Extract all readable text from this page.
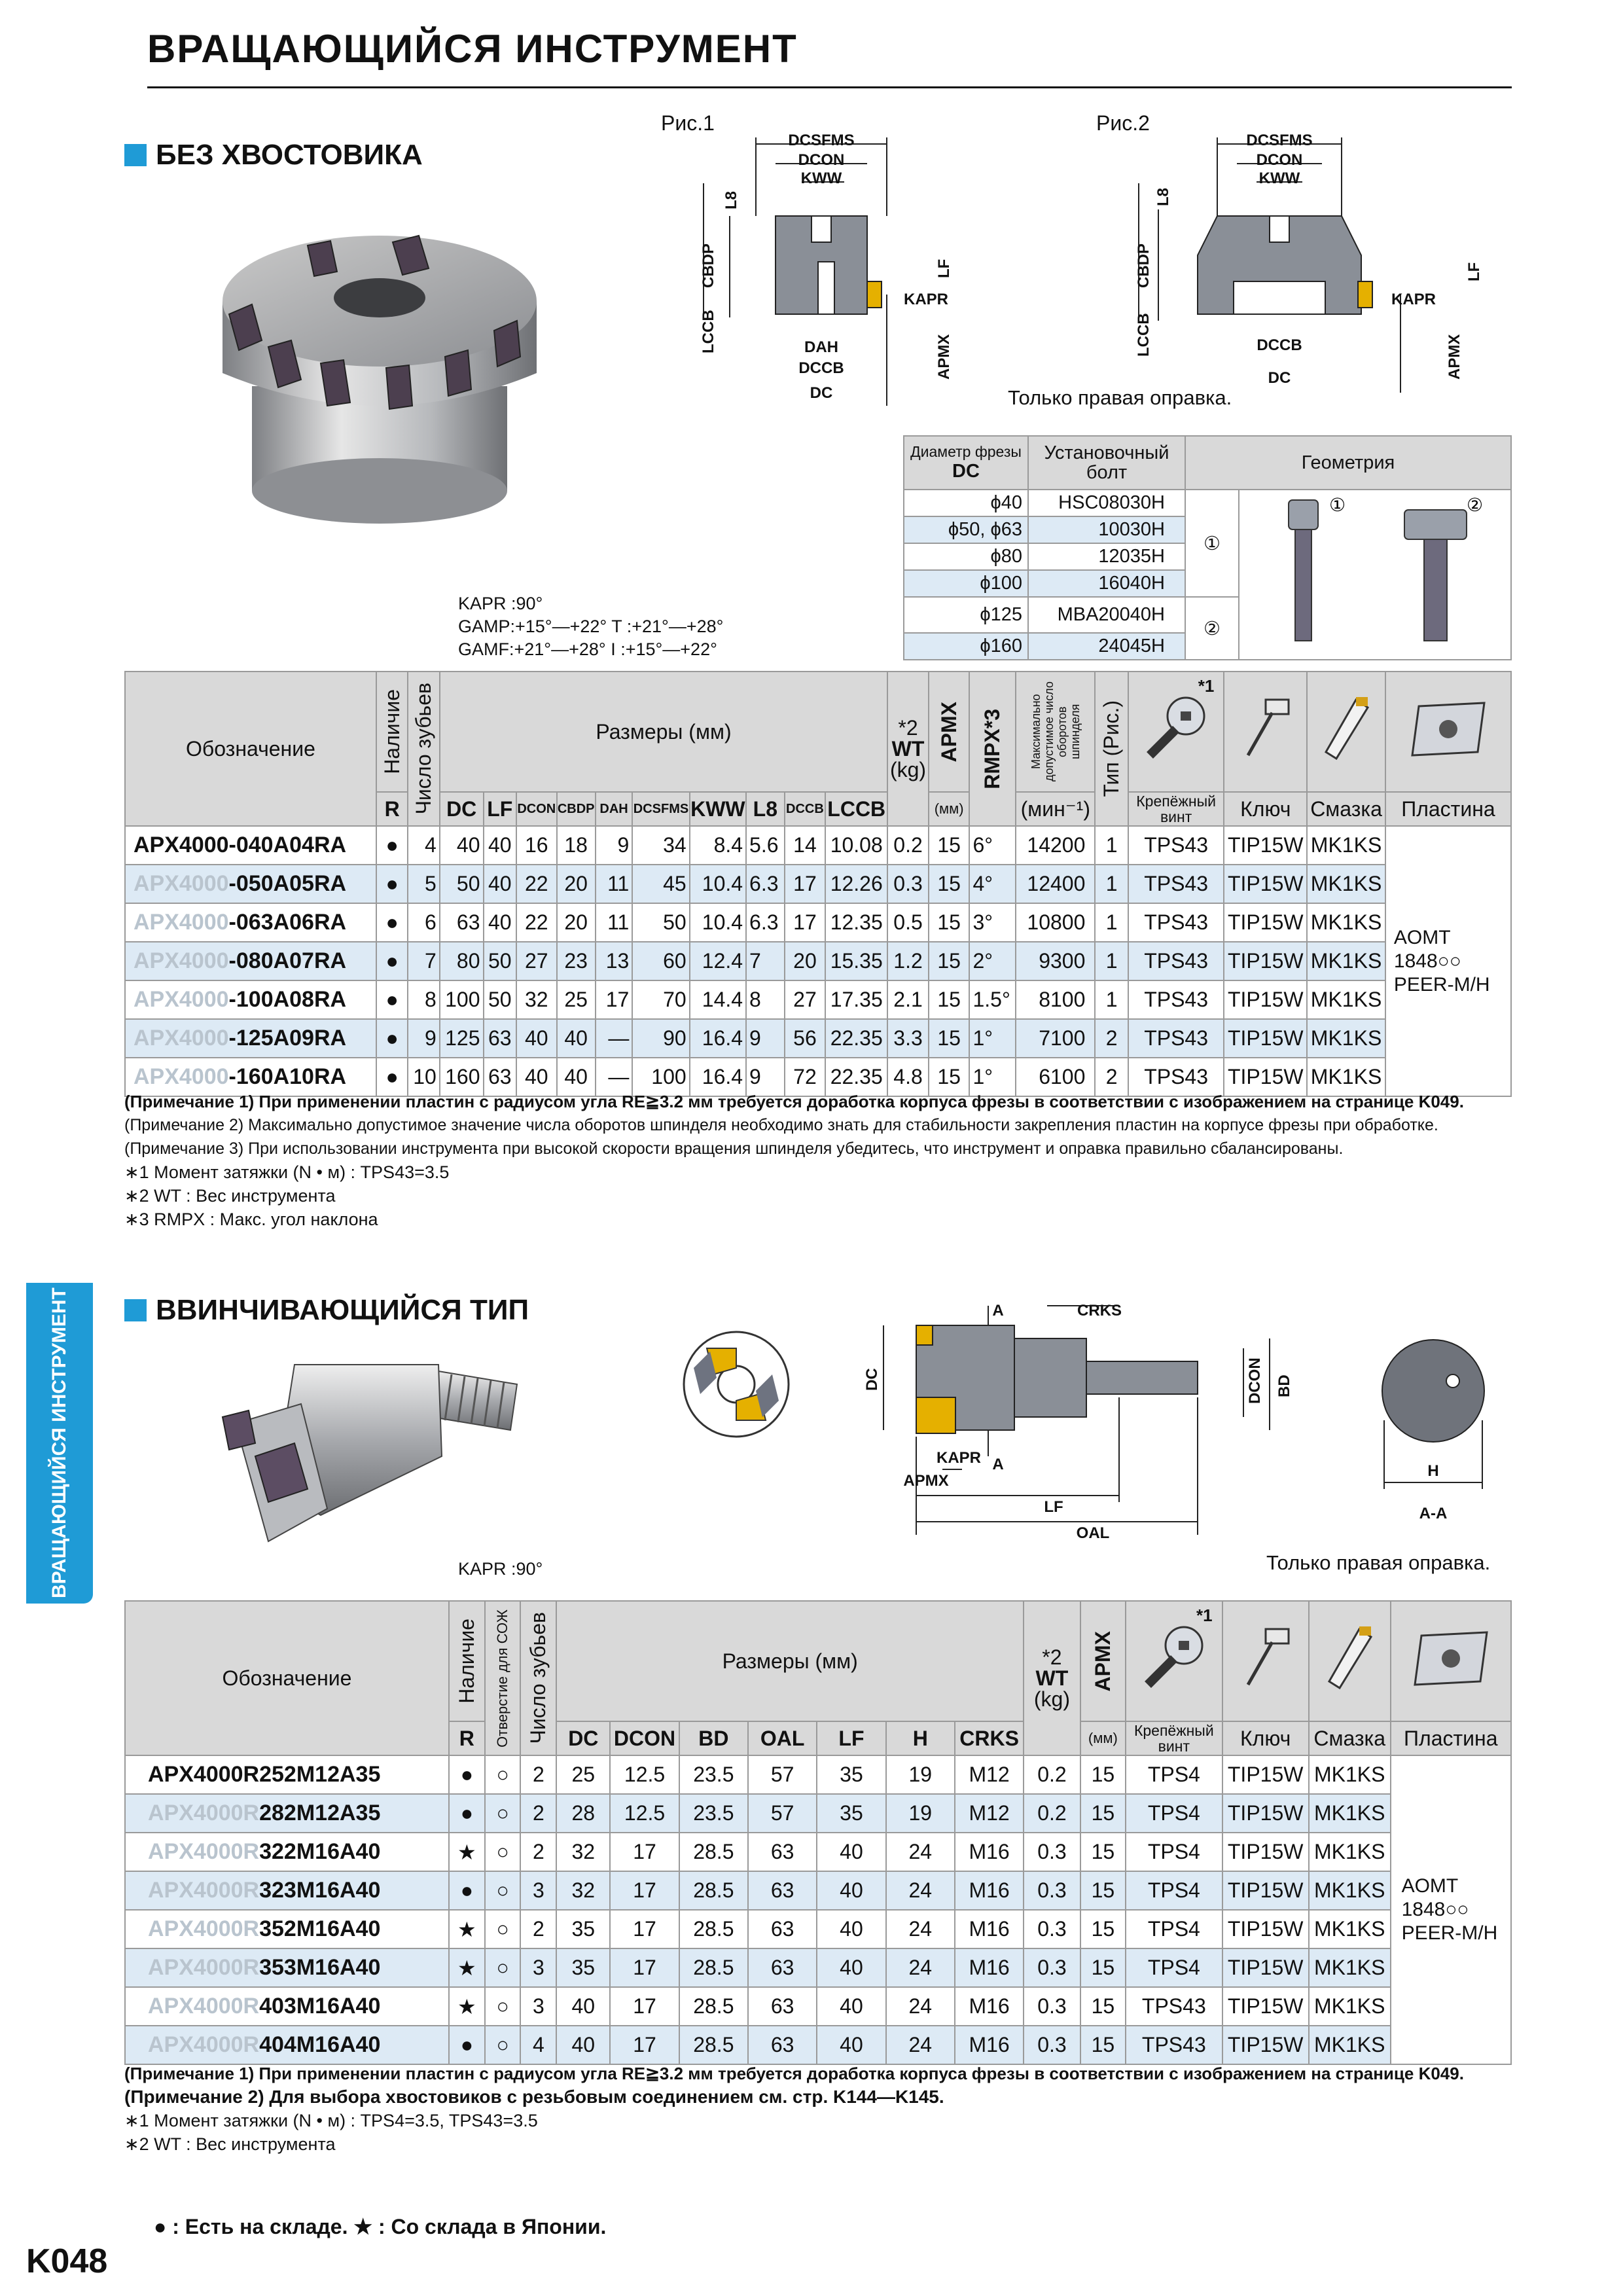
ВРАЩАЮЩИЙСЯ ИНСТРУМЕНТ
БЕЗ ХВОСТОВИКА
Рис.1
DCSFMS
DCON
KWW
DAH
DCCB
DC
KAPR
L8
CBDP
LCCB
LF
APMX
Рис.2
DCSFMS
DCON
KWW
DCCB
DC
KAPR
L8
CBDP
LCCB
LF
APMX
Только правая оправка.
KAPR :90°
GAMP:+15°—+22° T :+21°—+28°
GAMF:+21°—+28° I :+15°—+22°
Диаметр фрезы
DC	Установочный болт	Геометрия	
ϕ40	HSC08030H	①	① ②

ϕ50, ϕ63	10030H		
ϕ80	12035H		
ϕ100	16040H		
ϕ125	MBA20040H	②	
ϕ160	24045H		
Обозначение	Наличие	Число зубьев	Размеры (мм)										*2
WT
(kg)	APMX	RMPX*3	Максимально допустимое число оборотов шпинделя	Тип (Рис.)	*1

	R		DC	LF	DCON	CBDP	DAH	DCSFMS	KWW	L8	DCCB	LCCB		(мм)		(мин⁻¹)		Крепёжный винт	Ключ	Смазка	Пластина
APX4000-040A04RA	●	4	40	40	16	18	9	34	8.4	5.6	14	10.08	0.2	15	6°	14200	1	TPS43	TIP15W	MK1KS	AOMT
1848○○
PEER-M/H

APX4000-050A05RA	●	5	50	40	22	20	11	45	10.4	6.3	17	12.26	0.3	15	4°	12400	1	TPS43	TIP15W	MK1KS	
APX4000-063A06RA	●	6	63	40	22	20	11	50	10.4	6.3	17	12.35	0.5	15	3°	10800	1	TPS43	TIP15W	MK1KS	
APX4000-080A07RA	●	7	80	50	27	23	13	60	12.4	7	20	15.35	1.2	15	2°	9300	1	TPS43	TIP15W	MK1KS	
APX4000-100A08RA	●	8	100	50	32	25	17	70	14.4	8	27	17.35	2.1	15	1.5°	8100	1	TPS43	TIP15W	MK1KS	
APX4000-125A09RA	●	9	125	63	40	40	—	90	16.4	9	56	22.35	3.3	15	1°	7100	2	TPS43	TIP15W	MK1KS	
APX4000-160A10RA	●	10	160	63	40	40	—	100	16.4	9	72	22.35	4.8	15	1°	6100	2	TPS43	TIP15W	MK1KS	
(Примечание 1) При применении пластин с радиусом угла RE≧3.2 мм требуется доработка корпуса фрезы в соответствии с изображением на странице K049.
(Примечание 2) Максимально допустимое значение числа оборотов шпинделя необходимо знать для стабильности закрепления пластин на корпусе фрезы при обработке.
(Примечание 3) При использовании инструмента при высокой скорости вращения шпинделя убедитесь, что инструмент и оправка правильно сбалансированы.
∗1 Момент затяжки (N • м) : TPS43=3.5
∗2 WT : Вес инструмента
∗3 RMPX : Макс. угол наклона
ВРАЩАЮЩИЙСЯ ИНСТРУМЕНТ	ВВИНЧИВАЮЩИЙСЯ ТИП	CRKS
A
A
KAPR
APMX
LF
OAL
DC	DCON BD
H
A-A
Только правая оправка.
KAPR :90°
Обозначение	Наличие	Отверстие для СОЖ	Число зубьев	Размеры (мм)							*2
WT
(kg)	APMX	*1

	R			DC	DCON	BD	OAL	LF	H	CRKS		(мм)	Крепёжный винт	Ключ	Смазка	Пластина
APX4000R252M12A35	●	○	2	25	12.5	23.5	57	35	19	M12	0.2	15	TPS4	TIP15W	MK1KS	AOMT
1848○○
PEER-M/H

APX4000R282M12A35	●	○	2	28	12.5	23.5	57	35	19	M12	0.2	15	TPS4	TIP15W	MK1KS	
APX4000R322M16A40	★	○	2	32	17	28.5	63	40	24	M16	0.3	15	TPS4	TIP15W	MK1KS	
APX4000R323M16A40	●	○	3	32	17	28.5	63	40	24	M16	0.3	15	TPS4	TIP15W	MK1KS	
APX4000R352M16A40	★	○	2	35	17	28.5	63	40	24	M16	0.3	15	TPS4	TIP15W	MK1KS	
APX4000R353M16A40	★	○	3	35	17	28.5	63	40	24	M16	0.3	15	TPS4	TIP15W	MK1KS	
APX4000R403M16A40	★	○	3	40	17	28.5	63	40	24	M16	0.3	15	TPS43	TIP15W	MK1KS	
APX4000R404M16A40	●	○	4	40	17	28.5	63	40	24	M16	0.3	15	TPS43	TIP15W	MK1KS	
(Примечание 1) При применении пластин с радиусом угла RE≧3.2 мм требуется доработка корпуса фрезы в соответствии с изображением на странице K049.
(Примечание 2) Для выбора хвостовиков с резьбовым соединением см. стр. K144—K145.
∗1 Момент затяжки (N • м) : TPS4=3.5, TPS43=3.5
∗2 WT : Вес инструмента
● : Есть на складе. ★ : Со склада в Японии.
K048
